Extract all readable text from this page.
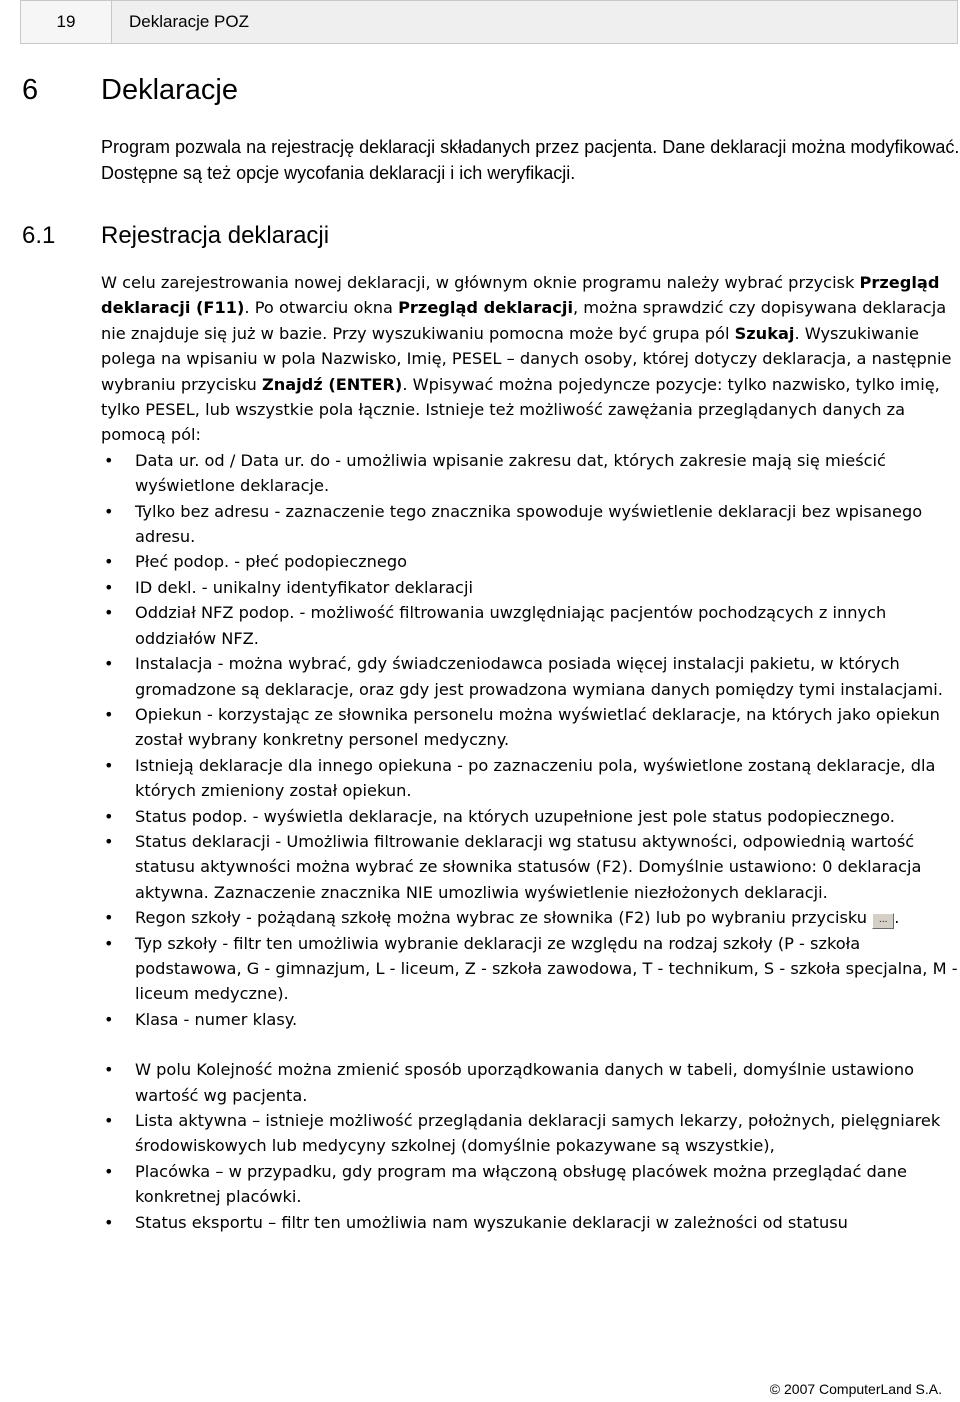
19	Deklaracje POZ
6 Deklaracje
Program pozwala na rejestrację deklaracji składanych przez pacjenta. Dane deklaracji można modyfikować. Dostępne są też opcje wycofania deklaracji i ich weryfikacji.
6.1 Rejestracja deklaracji

W celu zarejestrowania nowej deklaracji, w głównym oknie programu należy wybrać przycisk Przegląd deklaracji (F11). Po otwarciu okna Przegląd deklaracji, można sprawdzić czy dopisywana deklaracja nie znajduje się już w bazie. Przy wyszukiwaniu pomocna może być grupa pól Szukaj. Wyszukiwanie polega na wpisaniu w pola Nazwisko, Imię, PESEL – danych osoby, której dotyczy deklaracja, a następnie wybraniu przycisku Znajdź (ENTER). Wpisywać można pojedyncze pozycje: tylko nazwisko, tylko imię, tylko PESEL, lub wszystkie pola łącznie. Istnieje też możliwość zawężania przeglądanych danych za pomocą pól:

• Data ur. od / Data ur. do - umożliwia wpisanie zakresu dat, których zakresie mają się mieścić wyświetlone deklaracje.
• Tylko bez adresu - zaznaczenie tego znacznika spowoduje wyświetlenie deklaracji bez wpisanego adresu.
• Płeć podop. - płeć podopiecznego
• ID dekl. - unikalny identyfikator deklaracji
• Oddział NFZ podop. - możliwość filtrowania uwzględniając pacjentów pochodzących z innych oddziałów NFZ.
• Instalacja - można wybrać, gdy świadczeniodawca posiada więcej instalacji pakietu, w których gromadzone są deklaracje, oraz gdy jest prowadzona wymiana danych pomiędzy tymi instalacjami.
• Opiekun - korzystając ze słownika personelu można wyświetlać deklaracje, na których jako opiekun został wybrany konkretny personel medyczny.
• Istnieją deklaracje dla innego opiekuna - po zaznaczeniu pola, wyświetlone zostaną deklaracje, dla których zmieniony został opiekun.
• Status podop. - wyświetla deklaracje, na których uzupełnione jest pole status podopiecznego.
• Status deklaracji - Umożliwia filtrowanie deklaracji wg statusu aktywności, odpowiednią wartość statusu aktywności można wybrać ze słownika statusów (F2). Domyślnie ustawiono: 0 deklaracja aktywna. Zaznaczenie znacznika NIE umozliwia wyświetlenie niezłożonych deklaracji.
• Regon szkoły - pożądaną szkołę można wybrac ze słownika (F2) lub po wybraniu przycisku ... .
• Typ szkoły - filtr ten umożliwia wybranie deklaracji ze względu na rodzaj szkoły (P - szkoła podstawowa, G - gimnazjum, L - liceum, Z - szkoła zawodowa, T - technikum, S - szkoła specjalna, M - liceum medyczne).
• Klasa - numer klasy.
• W polu Kolejność można zmienić sposób uporządkowania danych w tabeli, domyślnie ustawiono wartość wg pacjenta.
• Lista aktywna – istnieje możliwość przeglądania deklaracji samych lekarzy, położnych, pielęgniarek środowiskowych lub medycyny szkolnej (domyślnie pokazywane są wszystkie),
• Placówka – w przypadku, gdy program ma włączoną obsługę placówek można przeglądać dane konkretnej placówki.
• Status eksportu – filtr ten umożliwia nam wyszukanie deklaracji w zależności od statusu
© 2007 ComputerLand S.A.
